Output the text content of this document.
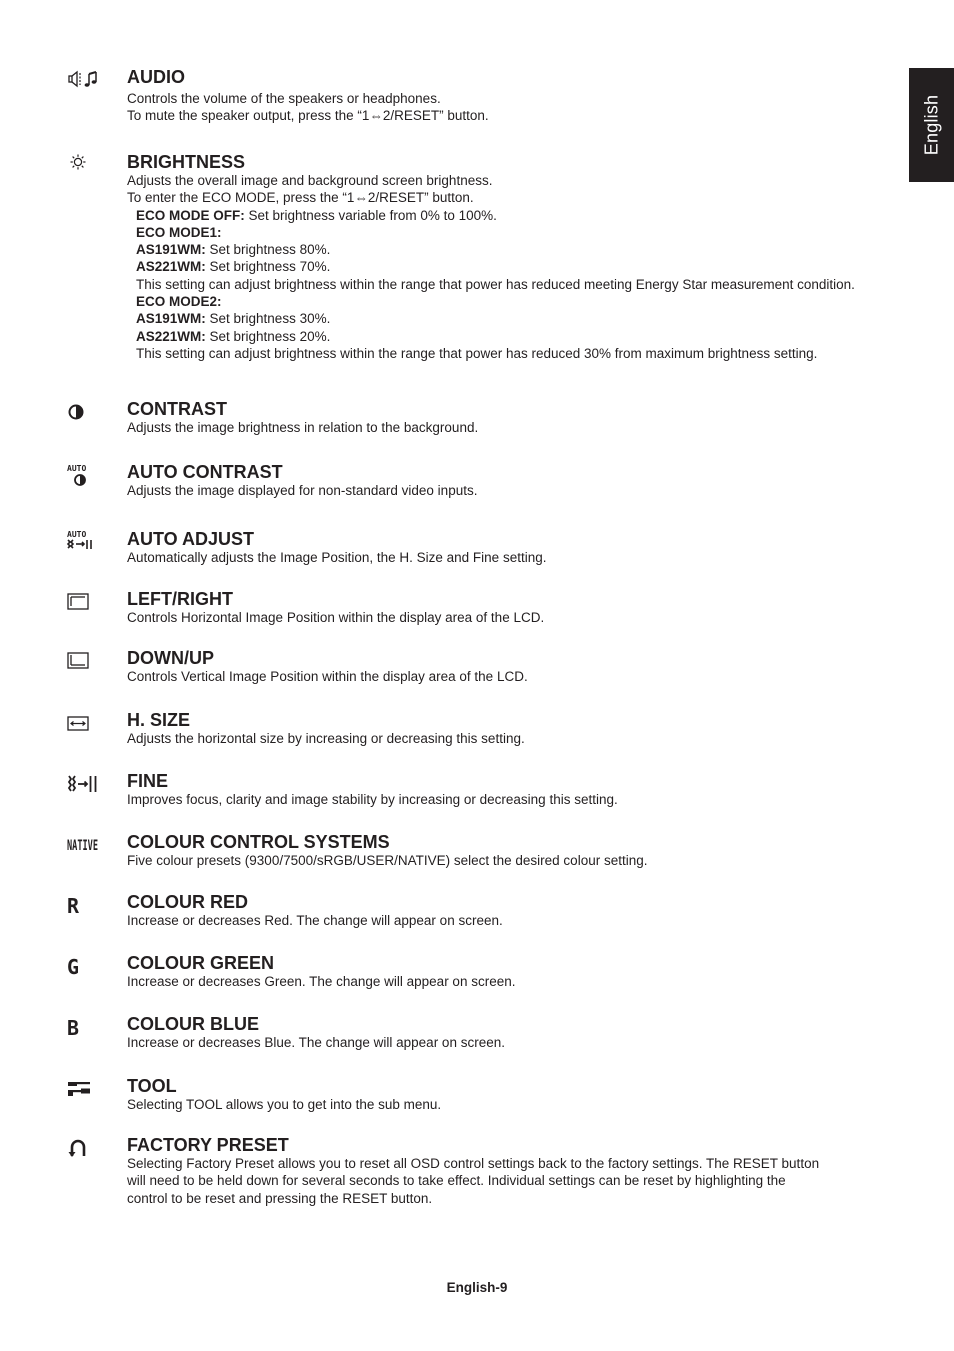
English

AUDIO

Controls the volume of the speakers or headphones.

To mute the speaker output, press the “1⇔2/RESET” button.

BRIGHTNESS

Adjusts the overall image and background screen brightness.

To enter the ECO MODE, press the “1⇔2/RESET” button.

ECO MODE OFF: Set brightness variable from 0% to 100%.

ECO MODE1:

AS191WM: Set brightness 80%.

AS221WM: Set brightness 70%.

This setting can adjust brightness within the range that power has reduced meeting Energy Star measurement condition.

ECO MODE2:

AS191WM: Set brightness 30%.

AS221WM: Set brightness 20%.

This setting can adjust brightness within the range that power has reduced 30% from maximum brightness setting.

CONTRAST

Adjusts the image brightness in relation to the background.

AUTO AUTO CONTRAST

Adjusts the image displayed for non-standard video inputs.

AUTO AUTO ADJUST

Automatically adjusts the Image Position, the H. Size and Fine setting.

LEFT/RIGHT

Controls Horizontal Image Position within the display area of the LCD.

DOWN/UP

Controls Vertical Image Position within the display area of the LCD.

H. SIZE

Adjusts the horizontal size by increasing or decreasing this setting.

FINE

Improves focus, clarity and image stability by increasing or decreasing this setting.

NATIVE COLOUR CONTROL SYSTEMS

Five colour presets (9300/7500/sRGB/USER/NATIVE) select the desired colour setting.

R	COLOUR RED

Increase or decreases Red. The change will appear on screen.

G	COLOUR GREEN

Increase or decreases Green. The change will appear on screen.

B	COLOUR BLUE

Increase or decreases Blue. The change will appear on screen.

TOOL

Selecting TOOL allows you to get into the sub menu.

FACTORY PRESET

Selecting Factory Preset allows you to reset all OSD control settings back to the factory settings. The RESET button

will need to be held down for several seconds to take effect. Individual settings can be reset by highlighting the

control to be reset and pressing the RESET button.

English-9
